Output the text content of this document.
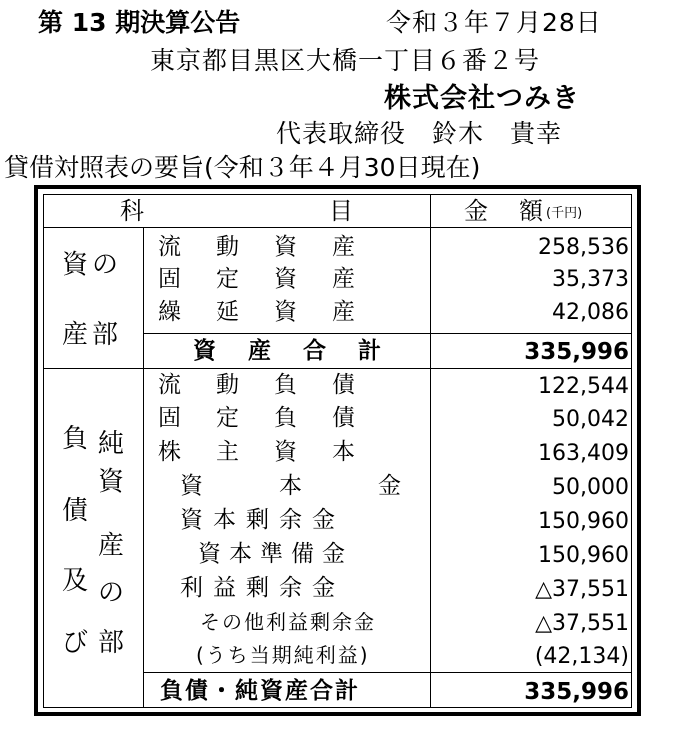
第 13 期決算公告	令和３年７月28日
東京都目黒区大橋一丁目６番２号
株式会社つみき
代表取締役　鈴木　貴幸
貸借対照表の要旨(令和３年４月30日現在)
科	目	金 額 (千円)
資の
産部
流　動　資　産	258,536
固　定　資　産	35,373
繰　延　資　産	42,086
資 産 合 計	335,996
負
債
及
び
純
資
産
の
部
流　動　負　債	122,544
固　定　負　債	50,042
株　主　資　本	163,409
資　　本　　金	50,000
資本剰余金	150,960
資本準備金	150,960
利益剰余金	△37,551
その他利益剰余金	△37,551
(うち当期純利益)	(42,134)
負債・純資産合計	335,996
